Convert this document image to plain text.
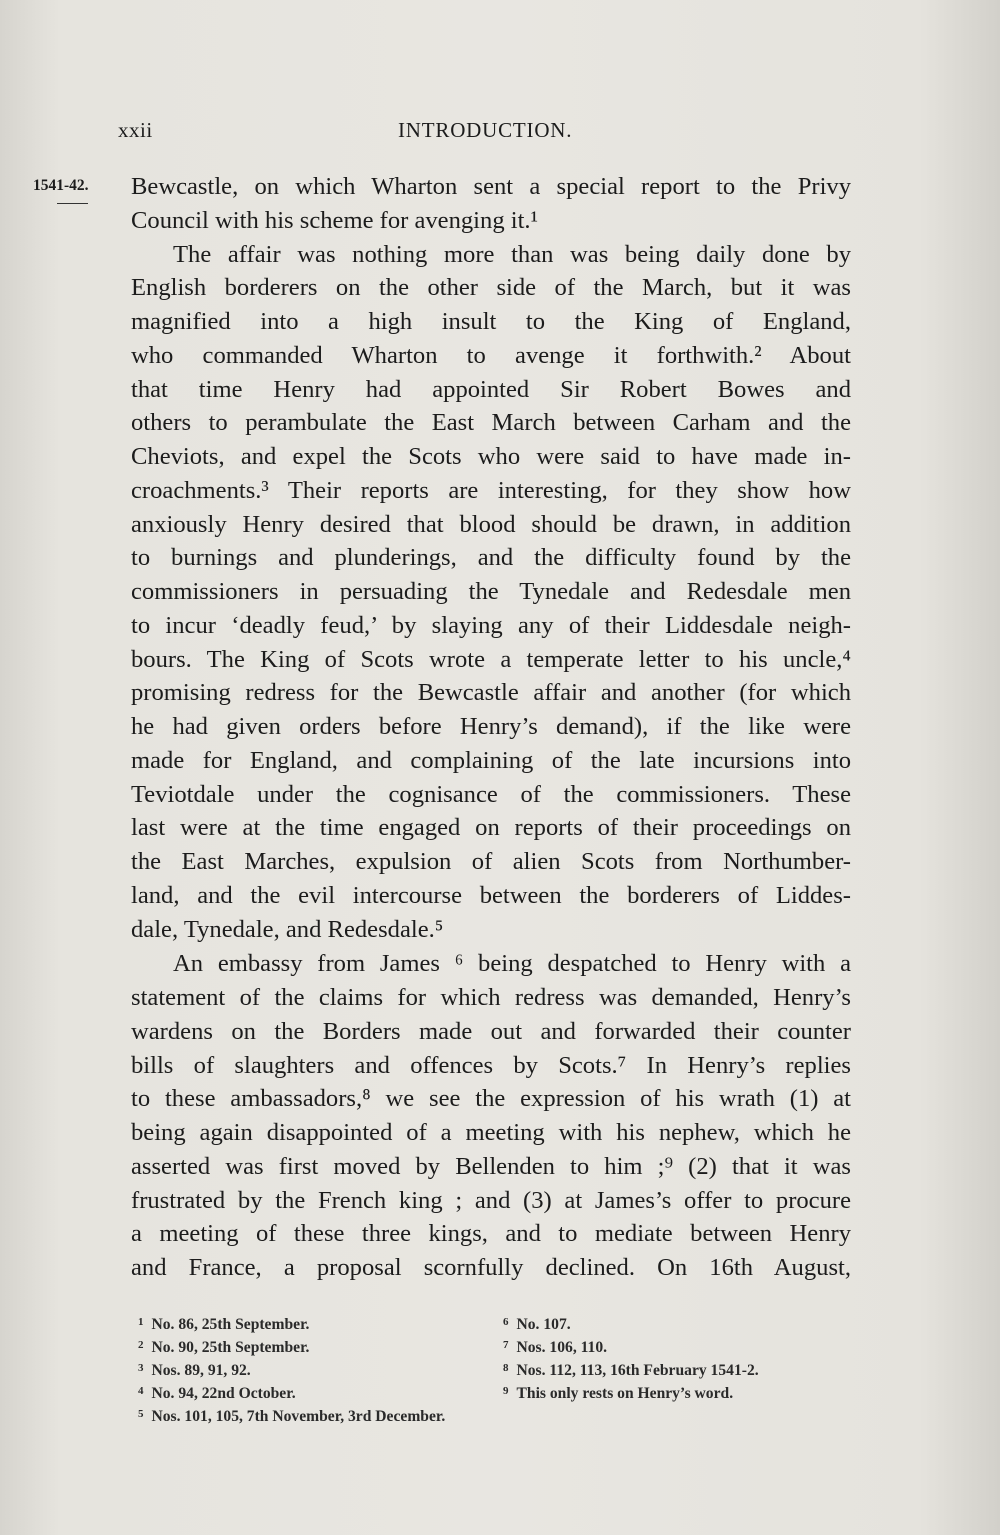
xxii	INTRODUCTION.
1541-42. Bewcastle, on which Wharton sent a special report to the Privy
Council with his scheme for avenging it.¹
The affair was nothing more than was being daily done by
English borderers on the other side of the March, but it was
magnified into a high insult to the King of England,
who commanded Wharton to avenge it forthwith.² About
that time Henry had appointed Sir Robert Bowes and
others to perambulate the East March between Carham and the
Cheviots, and expel the Scots who were said to have made in-
croachments.³ Their reports are interesting, for they show how
anxiously Henry desired that blood should be drawn, in addition
to burnings and plunderings, and the difficulty found by the
commissioners in persuading the Tynedale and Redesdale men
to incur ‘deadly feud,’ by slaying any of their Liddesdale neigh-
bours. The King of Scots wrote a temperate letter to his uncle,⁴
promising redress for the Bewcastle affair and another (for which
he had given orders before Henry’s demand), if the like were
made for England, and complaining of the late incursions into
Teviotdale under the cognisance of the commissioners. These
last were at the time engaged on reports of their proceedings on
the East Marches, expulsion of alien Scots from Northumber-
land, and the evil intercourse between the borderers of Liddes-
dale, Tynedale, and Redesdale.⁵
An embassy from James ⁶ being despatched to Henry with a
statement of the claims for which redress was demanded, Henry’s
wardens on the Borders made out and forwarded their counter
bills of slaughters and offences by Scots.⁷ In Henry’s replies
to these ambassadors,⁸ we see the expression of his wrath (1) at
being again disappointed of a meeting with his nephew, which he
asserted was first moved by Bellenden to him ;⁹ (2) that it was
frustrated by the French king ; and (3) at James’s offer to procure
a meeting of these three kings, and to mediate between Henry
and France, a proposal scornfully declined. On 16th August,
$^1$ No. 86, 25th September.
$^2$ No. 90, 25th September.
$^3$ Nos. 89, 91, 92.
$^4$ No. 94, 22nd October.
$^5$ Nos. 101, 105, 7th November, 3rd December.
$^6$ No. 107.
$^7$ Nos. 106, 110.
$^8$ Nos. 112, 113, 16th February 1541-2.
$^9$ This only rests on Henry’s word.
